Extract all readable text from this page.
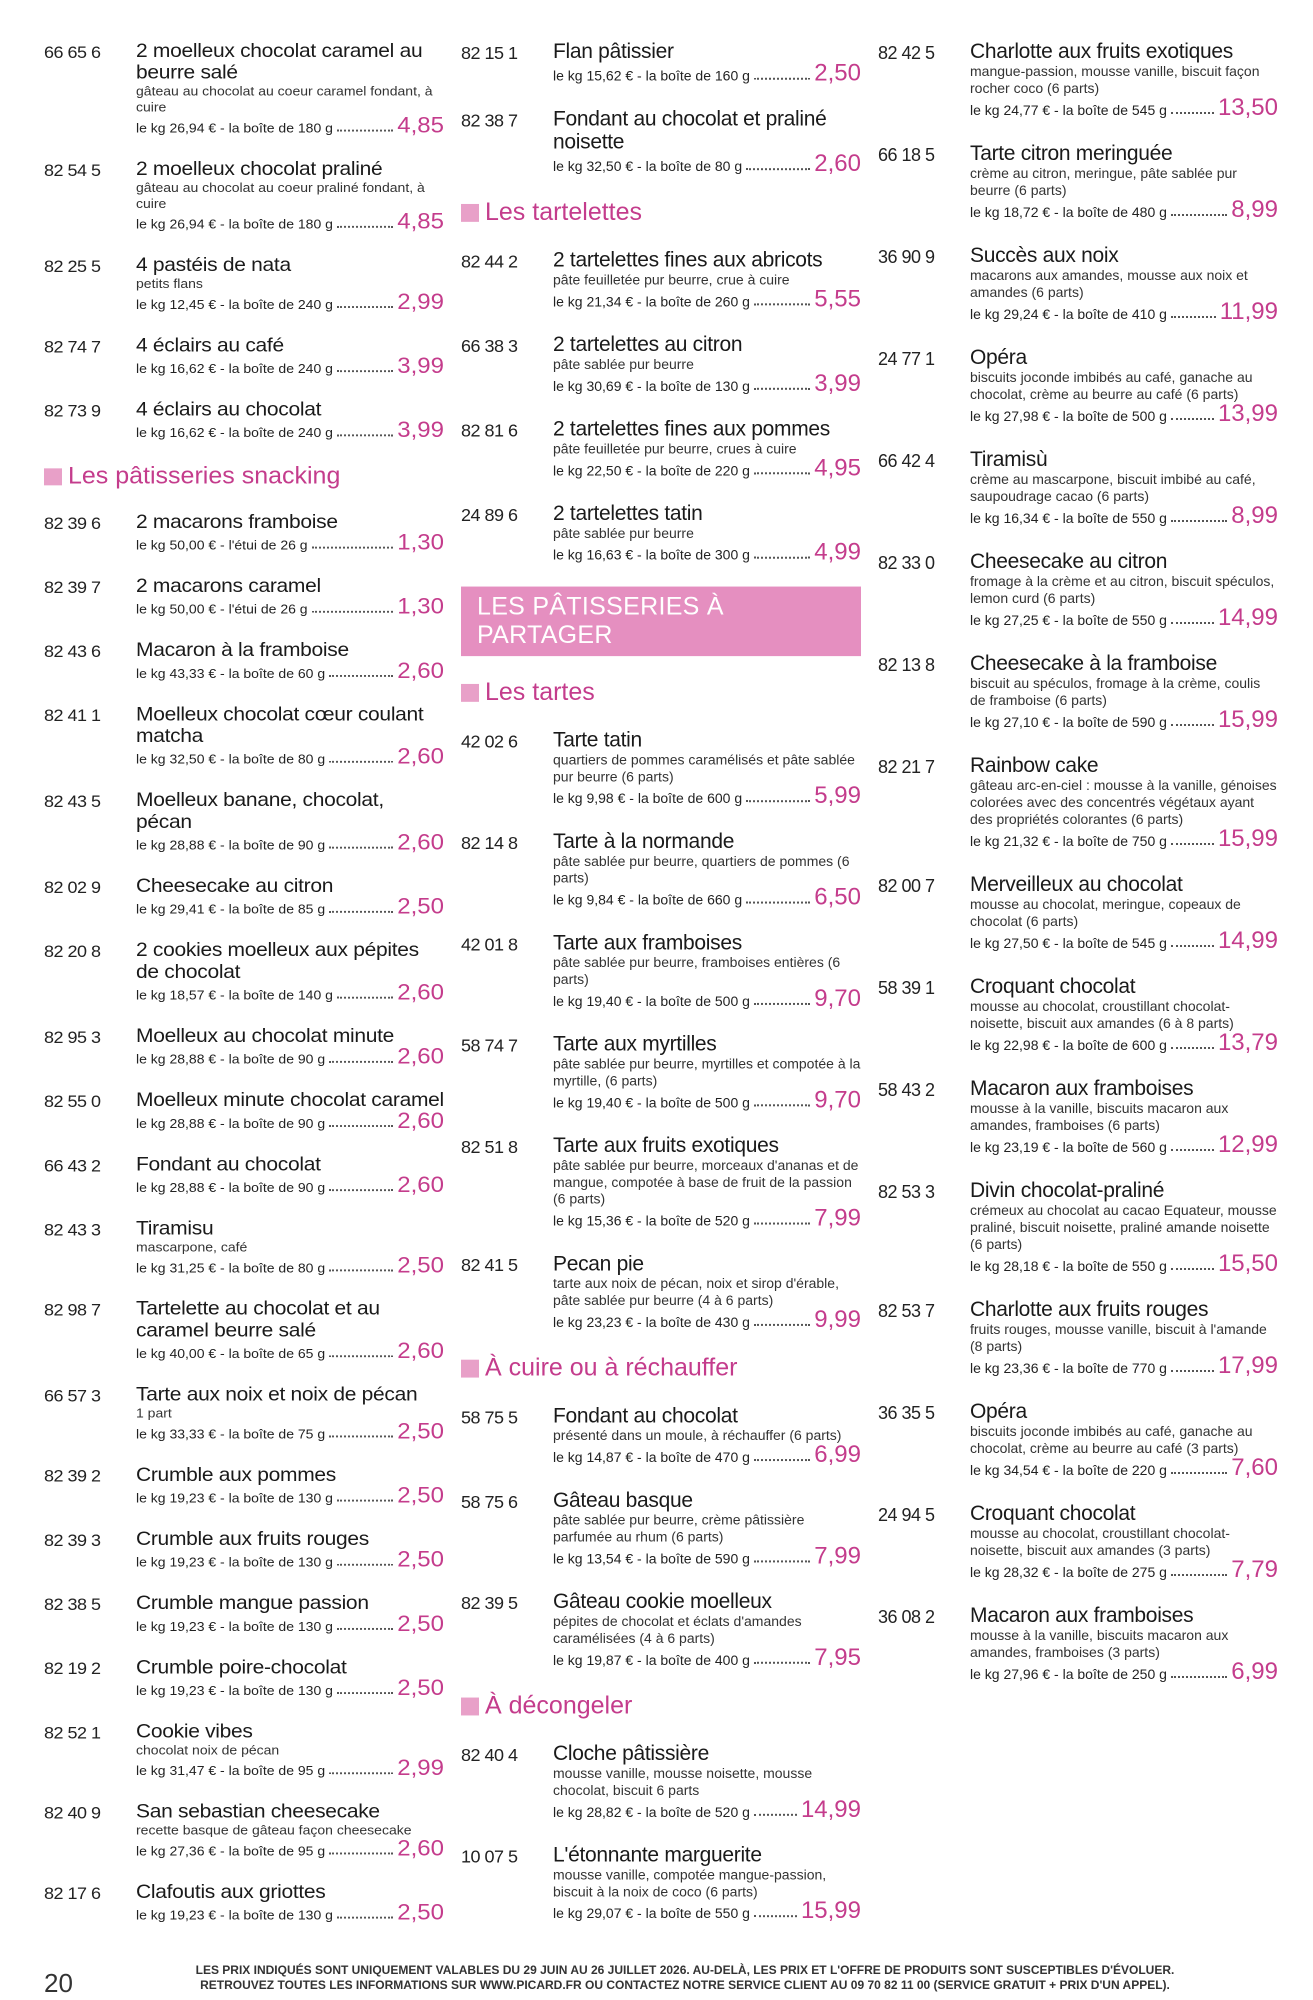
66 65 6 2 moelleux chocolat caramel au beurre salé
gâteau au chocolat au coeur caramel fondant, à cuire
le kg 26,94 € - la boîte de 180 g	4,85
82 54 5 2 moelleux chocolat praliné
gâteau au chocolat au coeur praliné fondant, à cuire
le kg 26,94 € - la boîte de 180 g	4,85
82 25 5 4 pastéis de nata
petits flans
le kg 12,45 € - la boîte de 240 g	2,99
82 74 7 4 éclairs au café
le kg 16,62 € - la boîte de 240 g	3,99
82 73 9 4 éclairs au chocolat
le kg 16,62 € - la boîte de 240 g	3,99
Les pâtisseries snacking
82 39 6 2 macarons framboise
le kg 50,00 € - l'étui de 26 g	1,30
82 39 7 2 macarons caramel
le kg 50,00 € - l'étui de 26 g	1,30
82 43 6 Macaron à la framboise
le kg 43,33 € - la boîte de 60 g	2,60
82 41 1 Moelleux chocolat cœur coulant matcha
le kg 32,50 € - la boîte de 80 g	2,60
82 43 5 Moelleux banane, chocolat, pécan
le kg 28,88 € - la boîte de 90 g	2,60
82 02 9 Cheesecake au citron
le kg 29,41 € - la boîte de 85 g	2,50
82 20 8 2 cookies moelleux aux pépites de chocolat
le kg 18,57 € - la boîte de 140 g	2,60
82 95 3 Moelleux au chocolat minute
le kg 28,88 € - la boîte de 90 g	2,60
82 55 0 Moelleux minute chocolat caramel
le kg 28,88 € - la boîte de 90 g	2,60
66 43 2 Fondant au chocolat
le kg 28,88 € - la boîte de 90 g	2,60
82 43 3 Tiramisu
mascarpone, café
le kg 31,25 € - la boîte de 80 g	2,50
82 98 7 Tartelette au chocolat et au caramel beurre salé
le kg 40,00 € - la boîte de 65 g	2,60
66 57 3 Tarte aux noix et noix de pécan
1 part
le kg 33,33 € - la boîte de 75 g	2,50
82 39 2 Crumble aux pommes
le kg 19,23 € - la boîte de 130 g	2,50
82 39 3 Crumble aux fruits rouges
le kg 19,23 € - la boîte de 130 g	2,50
82 38 5 Crumble mangue passion
le kg 19,23 € - la boîte de 130 g	2,50
82 19 2 Crumble poire-chocolat
le kg 19,23 € - la boîte de 130 g	2,50
82 52 1 Cookie vibes
chocolat noix de pécan
le kg 31,47 € - la boîte de 95 g	2,99
82 40 9 San sebastian cheesecake
recette basque de gâteau façon cheesecake
le kg 27,36 € - la boîte de 95 g	2,60
82 17 6 Clafoutis aux griottes
le kg 19,23 € - la boîte de 130 g	2,50
82 15 1 Flan pâtissier
le kg 15,62 € - la boîte de 160 g	2,50
82 38 7 Fondant au chocolat et praliné noisette
le kg 32,50 € - la boîte de 80 g	2,60
Les tartelettes
82 44 2 2 tartelettes fines aux abricots
pâte feuilletée pur beurre, crue à cuire
le kg 21,34 € - la boîte de 260 g	5,55
66 38 3 2 tartelettes au citron
pâte sablée pur beurre
le kg 30,69 € - la boîte de 130 g	3,99
82 81 6 2 tartelettes fines aux pommes
pâte feuilletée pur beurre, crues à cuire
le kg 22,50 € - la boîte de 220 g	4,95
24 89 6 2 tartelettes tatin
pâte sablée pur beurre
le kg 16,63 € - la boîte de 300 g	4,99
LES PÂTISSERIES À PARTAGER
Les tartes
42 02 6 Tarte tatin
quartiers de pommes caramélisés et pâte sablée pur beurre (6 parts)
le kg 9,98 € - la boîte de 600 g	5,99
82 14 8 Tarte à la normande
pâte sablée pur beurre, quartiers de pommes (6 parts)
le kg 9,84 € - la boîte de 660 g	6,50
42 01 8 Tarte aux framboises
pâte sablée pur beurre, framboises entières (6 parts)
le kg 19,40 € - la boîte de 500 g	9,70
58 74 7 Tarte aux myrtilles
pâte sablée pur beurre, myrtilles et compotée à la myrtille, (6 parts)
le kg 19,40 € - la boîte de 500 g	9,70
82 51 8 Tarte aux fruits exotiques
pâte sablée pur beurre, morceaux d'ananas et de mangue, compotée à base de fruit de la passion (6 parts)
le kg 15,36 € - la boîte de 520 g	7,99
82 41 5 Pecan pie
tarte aux noix de pécan, noix et sirop d'érable, pâte sablée pur beurre (4 à 6 parts)
le kg 23,23 € - la boîte de 430 g	9,99
À cuire ou à réchauffer
58 75 5 Fondant au chocolat
présenté dans un moule, à réchauffer (6 parts)
le kg 14,87 € - la boîte de 470 g	6,99
58 75 6 Gâteau basque
pâte sablée pur beurre, crème pâtissière parfumée au rhum (6 parts)
le kg 13,54 € - la boîte de 590 g	7,99
82 39 5 Gâteau cookie moelleux
pépites de chocolat et éclats d'amandes caramélisées (4 à 6 parts)
le kg 19,87 € - la boîte de 400 g	7,95
À décongeler
82 40 4 Cloche pâtissière
mousse vanille, mousse noisette, mousse chocolat, biscuit 6 parts
le kg 28,82 € - la boîte de 520 g 14,99
10 07 5 L'étonnante marguerite
mousse vanille, compotée mangue-passion, biscuit à la noix de coco (6 parts)
le kg 29,07 € - la boîte de 550 g 15,99
82 42 5 Charlotte aux fruits exotiques
mangue-passion, mousse vanille, biscuit façon rocher coco (6 parts)
le kg 24,77 € - la boîte de 545 g 13,50
66 18 5 Tarte citron meringuée
crème au citron, meringue, pâte sablée pur beurre (6 parts)
le kg 18,72 € - la boîte de 480 g	8,99
36 90 9 Succès aux noix
macarons aux amandes, mousse aux noix et amandes (6 parts)
le kg 29,24 € - la boîte de 410 g 11,99
24 77 1 Opéra
biscuits joconde imbibés au café, ganache au chocolat, crème au beurre au café (6 parts)
le kg 27,98 € - la boîte de 500 g 13,99
66 42 4 Tiramisù
crème au mascarpone, biscuit imbibé au café, saupoudrage cacao (6 parts)
le kg 16,34 € - la boîte de 550 g	8,99
82 33 0 Cheesecake au citron
fromage à la crème et au citron, biscuit spéculos, lemon curd (6 parts)
le kg 27,25 € - la boîte de 550 g 14,99
82 13 8 Cheesecake à la framboise
biscuit au spéculos, fromage à la crème, coulis de framboise (6 parts)
le kg 27,10 € - la boîte de 590 g 15,99
82 21 7 Rainbow cake
gâteau arc-en-ciel : mousse à la vanille, génoises colorées avec des concentrés végétaux ayant des propriétés colorantes (6 parts)
le kg 21,32 € - la boîte de 750 g 15,99
82 00 7 Merveilleux au chocolat
mousse au chocolat, meringue, copeaux de chocolat (6 parts)
le kg 27,50 € - la boîte de 545 g 14,99
58 39 1 Croquant chocolat
mousse au chocolat, croustillant chocolat-noisette, biscuit aux amandes (6 à 8 parts)
le kg 22,98 € - la boîte de 600 g 13,79
58 43 2 Macaron aux framboises
mousse à la vanille, biscuits macaron aux amandes, framboises (6 parts)
le kg 23,19 € - la boîte de 560 g 12,99
82 53 3 Divin chocolat-praliné
crémeux au chocolat au cacao Equateur, mousse praliné, biscuit noisette, praliné amande noisette (6 parts)
le kg 28,18 € - la boîte de 550 g 15,50
82 53 7 Charlotte aux fruits rouges
fruits rouges, mousse vanille, biscuit à l'amande (8 parts)
le kg 23,36 € - la boîte de 770 g 17,99
36 35 5 Opéra
biscuits joconde imbibés au café, ganache au chocolat, crème au beurre au café (3 parts)
le kg 34,54 € - la boîte de 220 g	7,60
24 94 5 Croquant chocolat
mousse au chocolat, croustillant chocolat-noisette, biscuit aux amandes (3 parts)
le kg 28,32 € - la boîte de 275 g	7,79
36 08 2 Macaron aux framboises
mousse à la vanille, biscuits macaron aux amandes, framboises (3 parts)
le kg 27,96 € - la boîte de 250 g	6,99
20	LES PRIX INDIQUÉS SONT UNIQUEMENT VALABLES DU 29 JUIN AU 26 JUILLET 2026. AU-DELÀ, LES PRIX ET L'OFFRE DE PRODUITS SONT SUSCEPTIBLES D'ÉVOLUER.
RETROUVEZ TOUTES LES INFORMATIONS SUR WWW.PICARD.FR OU CONTACTEZ NOTRE SERVICE CLIENT AU 09 70 82 11 00 (SERVICE GRATUIT + PRIX D'UN APPEL).
